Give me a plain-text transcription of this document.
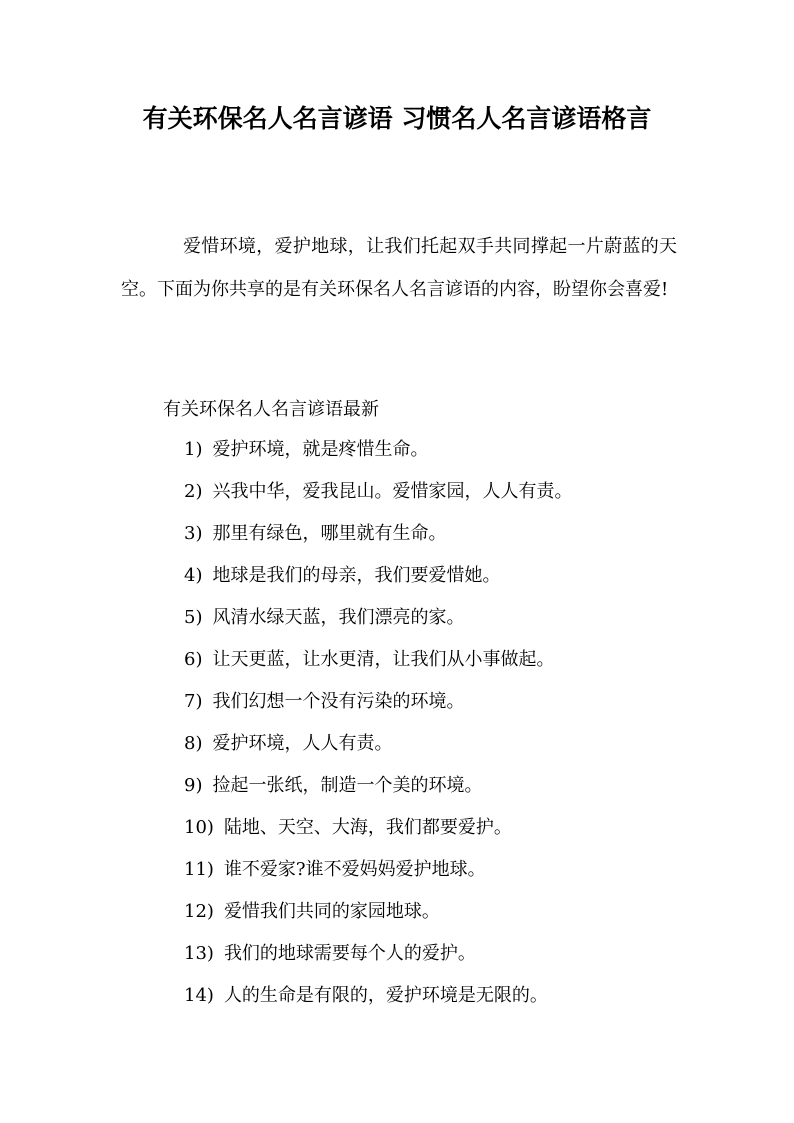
有关环保名人名言谚语 习惯名人名言谚语格言

爱惜环境，爱护地球，让我们托起双手共同撑起一片蔚蓝的天空。下面为你共享的是有关环保名人名言谚语的内容，盼望你会喜爱!

有关环保名人名言谚语最新

1) 爱护环境，就是疼惜生命。
2) 兴我中华，爱我昆山。爱惜家园，人人有责。
3) 那里有绿色，哪里就有生命。
4) 地球是我们的母亲，我们要爱惜她。
5) 风清水绿天蓝，我们漂亮的家。
6) 让天更蓝，让水更清，让我们从小事做起。
7) 我们幻想一个没有污染的环境。
8) 爱护环境，人人有责。
9) 捡起一张纸，制造一个美的环境。
10) 陆地、天空、大海，我们都要爱护。
11) 谁不爱家?谁不爱妈妈爱护地球。
12) 爱惜我们共同的家园地球。
13) 我们的地球需要每个人的爱护。
14) 人的生命是有限的，爱护环境是无限的。
